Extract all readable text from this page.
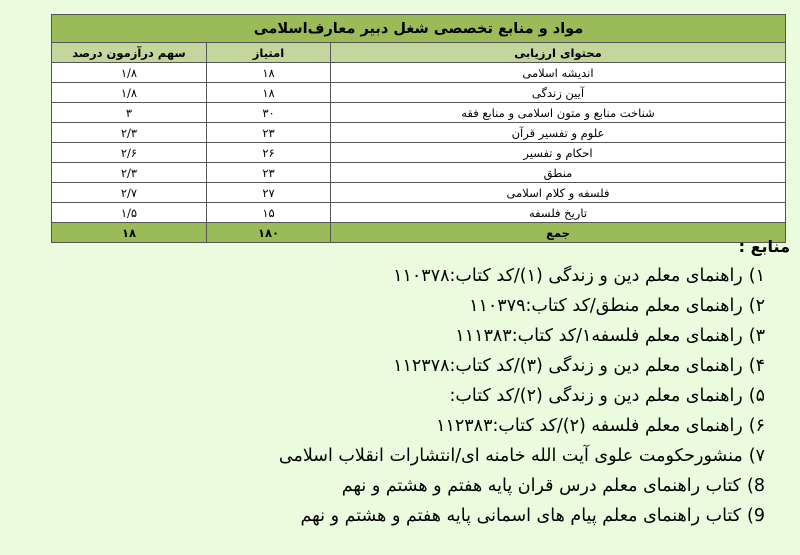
مواد و منابع تخصصی شغل دبیر معارف‌اسلامی		
محتوای ارزیابی	امتیاز	سهم درآزمون درصد
اندیشه اسلامی	۱۸	۱/۸
آیین زندگی	۱۸	۱/۸
شناخت منابع و متون اسلامی و منابع فقه	۳۰	۳
علوم و تفسیر قرآن	۲۳	۲/۳
احکام و تفسیر	۲۶	۲/۶
منطق	۲۳	۲/۳
فلسفه و کلام اسلامی	۲۷	۲/۷
تاریخ فلسفه	۱۵	۱/۵
جمع	۱۸۰	۱۸
منابع :
۱)راهنمای معلم دین و زندگی (۱)/کد کتاب:۱۱۰۳۷۸
۲)راهنمای معلم منطق/کد کتاب:۱۱۰۳۷۹
۳)راهنمای معلم فلسفه۱/کد کتاب:۱۱۱۳۸۳
۴)راهنمای معلم دین و زندگی (۳)/کد کتاب:۱۱۲۳۷۸
۵)راهنمای معلم دین و زندگی (۲)/کد کتاب:
۶)راهنمای معلم فلسفه (۲)/کد کتاب:۱۱۲۳۸۳
۷)منشورحکومت علوی آیت الله خامنه ای/انتشارات انقلاب اسلامی
8)کتاب راهنمای معلم درس قران پایه هفتم و هشتم و نهم
9)کتاب راهنمای معلم پیام های اسمانی پایه هفتم و هشتم و نهم
